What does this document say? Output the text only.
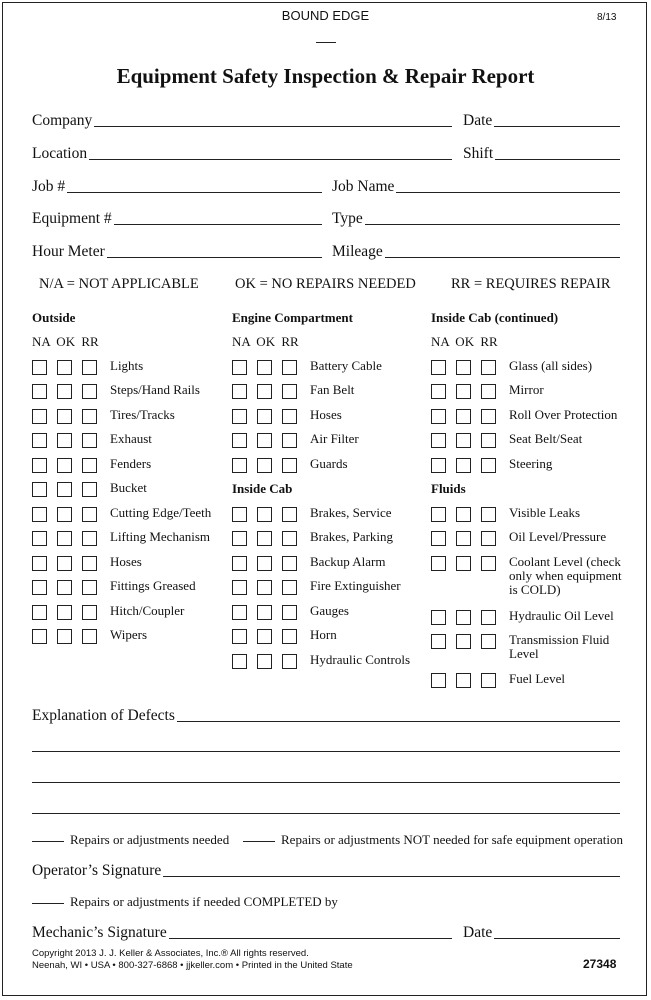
BOUND EDGE	8/13
Equipment Safety Inspection & Repair Report
Company	Date
Location	Shift
Job #	Job Name
Equipment #	Type
Hour Meter	Mileage
N/A = NOT APPLICABLE OK = NO REPAIRS NEEDED RR = REQUIRES REPAIR
Outside
NA OK RR
Lights
Steps/Hand Rails
Tires/Tracks
Exhaust
Fenders
Bucket
Cutting Edge/Teeth
Lifting Mechanism
Hoses
Fittings Greased
Hitch/Coupler
Wipers
Engine Compartment
NA OK RR
Battery Cable
Fan Belt
Hoses
Air Filter
Guards
Inside Cab
Brakes, Service
Brakes, Parking
Backup Alarm
Fire Extinguisher
Gauges
Horn
Hydraulic Controls
Inside Cab (continued)
NA OK RR
Glass (all sides)
Mirror
Roll Over Protection
Seat Belt/Seat
Steering
Fluids
Visible Leaks
Oil Level/Pressure
Coolant Level (check only when equipment is COLD)
Hydraulic Oil Level
Transmission Fluid Level
Fuel Level
Explanation of Defects
Repairs or adjustments needed	Repairs or adjustments NOT needed for safe equipment operation
Operator’s Signature
Repairs or adjustments if needed COMPLETED by
Mechanic’s Signature	Date
Copyright 2013 J. J. Keller & Associates, Inc.® All rights reserved.
Neenah, WI • USA • 800-327-6868 • jjkeller.com • Printed in the United State	27348
